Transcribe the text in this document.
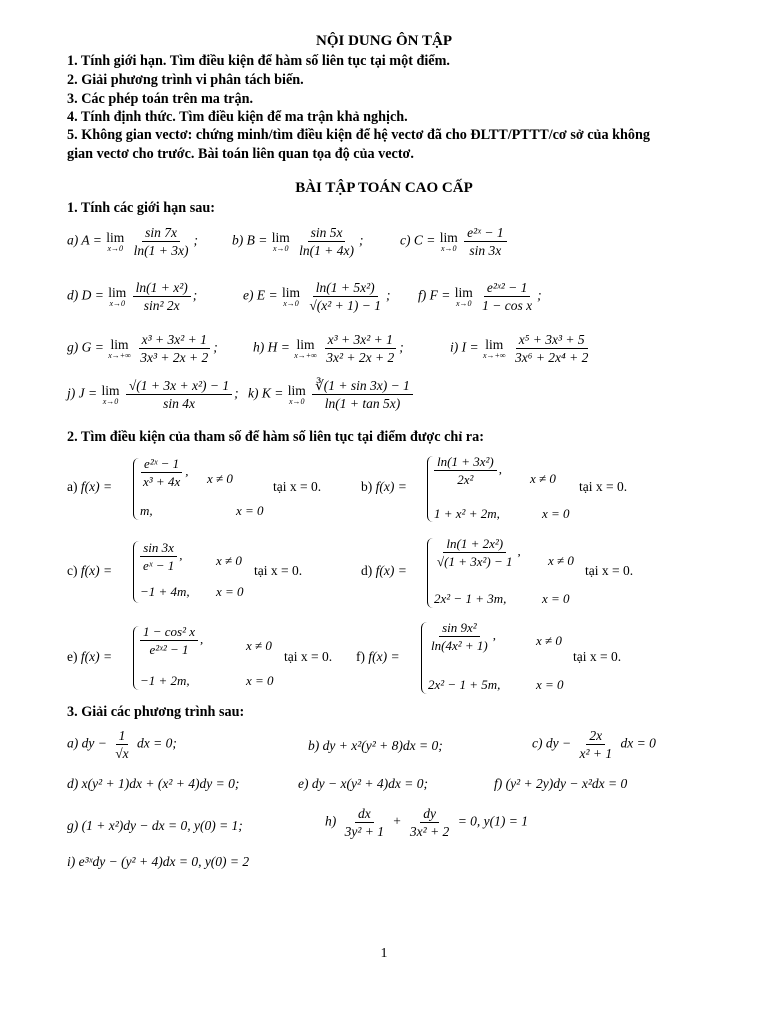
NỘI DUNG ÔN TẬP
1. Tính giới hạn. Tìm điều kiện để hàm số liên tục tại một điểm.
2. Giải phương trình vi phân tách biến.
3. Các phép toán trên ma trận.
4. Tính định thức. Tìm điều kiện để ma trận khả nghịch.
5. Không gian vectơ: chứng minh/tìm điều kiện để hệ vectơ đã cho ĐLTT/PTTT/cơ sở của không
gian vectơ cho trước. Bài toán liên quan tọa độ của vectơ.
BÀI TẬP TOÁN CAO CẤP
1. Tính các giới hạn sau:
a) A = lim
x→0
$\frac{\sin 7x}{\ln(1 + 3x)}$ ;	b) B = lim
x→0
$\frac{\sin 5x}{\ln(1 + 4x)}$ ;	c) C = lim
x→0
$\frac{\text{e²ˣ − 1}}{\sin 3x}$
d) D = lim
x→0
$\frac{\text{ln(1 + x²)}}{\text{sin² 2x}}$ ;	e) E = lim
x→0
$\frac{\text{ln(1 + 5x²)}}{\text{√(x² + 1) − 1}}$ ; f) F = lim
x→0
$\frac{\text{e²ˣ² − 1}}{\text{1 − cos x}}$ ;
g) G = lim
x→+∞
$\frac{\text{x³ + 3x² + 1}}{\text{3x³ + 2x + 2}}$ ;	h) H = lim
x→+∞
$\frac{\text{x³ + 3x² + 1}}{\text{3x² + 2x + 2}}$ ;	i) I = lim
x→+∞
$\frac{\text{x⁵ + 3x³ + 5}}{\text{3x⁶ + 2x⁴ + 2}}$
j) J = lim
x→0
$\frac{\text{√(1 + 3x + x²) − 1}}{\sin 4x}$ ; k) K = lim
x→0
$\frac{∛(1 + \sin 3x) - 1}{\ln(1 + \tan 5x)}$
2. Tìm điều kiện của tham số để hàm số liên tục tại điểm được chỉ ra:
a) $f(x) = \frac{\text{e²ˣ − 1}}{\text{x³ + 4x}}$ ,
m,
x ≠ 0
x = 0
tại x = 0.	b) $f(x) = \frac{\text{ln(1 + 3x²)}}{\text{2x²}}$ ,
1 + x² + 2m,
x ≠ 0
x = 0
tại x = 0.
c) $f(x) = \frac{\sin 3x}{\text{eˣ − 1}}$ ,
−1 + 4m,
x ≠ 0
x = 0
tại x = 0.	d) f(x) =
$\frac{\text{ln(1 + 2x²)}}{\text{√(1 + 3x²) − 1}}$ ,
2x² − 1 + 3m,
x ≠ 0
x = 0
tại x = 0.
e) $f(x) = \frac{\text{1 − cos² x}}{\text{e²ˣ² − 1}}$ ,
−1 + 2m,
x ≠ 0
x = 0
tại x = 0. f) f(x) =
$\frac{\text{sin 9x²}}{\text{ln(4x² + 1)}}$ ,
2x² − 1 + 5m,
x ≠ 0
x = 0
tại x = 0.
3. Giải các phương trình sau:
a) dy − $\frac{1}{√x}$ dx = 0;	b) dy + x²(y² + 8)dx = 0;	c) dy − $\frac{2x}{\text{x² + 1}}$ dx = 0
d) x(y² + 1)dx + (x² + 4)dy = 0;	e) dy − x(y² + 4)dx = 0;	f) (y² + 2y)dy − x²dx = 0
g) (1 + x²)dy − dx = 0, y(0) = 1;	$h) \frac{dx}{\text{3y² + 1}} + \frac{dy}{\text{3x² + 2}} = 0$, y(1) = 1
i) e³ˣdy − (y² + 4)dx = 0, y(0) = 2
1
